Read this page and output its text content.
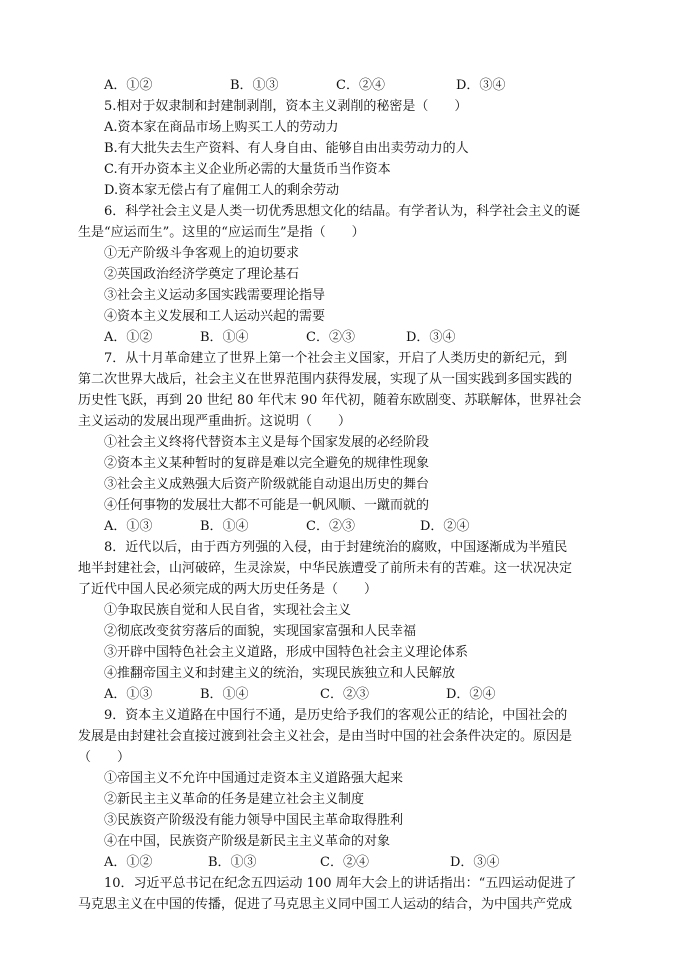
A．①②	B．①③	C．②④	D．③④
5.相对于奴隶制和封建制剥削，资本主义剥削的秘密是（　　）
A.资本家在商品市场上购买工人的劳动力
B.有大批失去生产资料、有人身自由、能够自由出卖劳动力的人
C.有开办资本主义企业所必需的大量货币当作资本
D.资本家无偿占有了雇佣工人的剩余劳动
6．科学社会主义是人类一切优秀思想文化的结晶。有学者认为，科学社会主义的诞
生是“应运而生”。这里的“应运而生”是指（　　）
①无产阶级斗争客观上的迫切要求
②英国政治经济学奠定了理论基石
③社会主义运动多国实践需要理论指导
④资本主义发展和工人运动兴起的需要
A．①②	B．①④	C．②③	D．③④
7．从十月革命建立了世界上第一个社会主义国家，开启了人类历史的新纪元，到
第二次世界大战后，社会主义在世界范围内获得发展，实现了从一国实践到多国实践的
历史性飞跃，再到 20 世纪 80 年代末 90 年代初，随着东欧剧变、苏联解体，世界社会
主义运动的发展出现严重曲折。这说明（　　）
①社会主义终将代替资本主义是每个国家发展的必经阶段
②资本主义某种暂时的复辟是难以完全避免的规律性现象
③社会主义成熟强大后资产阶级就能自动退出历史的舞台
④任何事物的发展壮大都不可能是一帆风顺、一蹴而就的
A．①③	B．①④	C．②③	D．②④
8．近代以后，由于西方列强的入侵，由于封建统治的腐败，中国逐渐成为半殖民
地半封建社会，山河破碎，生灵涂炭，中华民族遭受了前所未有的苦难。这一状况决定
了近代中国人民必须完成的两大历史任务是（　　）
①争取民族自觉和人民自省，实现社会主义
②彻底改变贫穷落后的面貌，实现国家富强和人民幸福
③开辟中国特色社会主义道路，形成中国特色社会主义理论体系
④推翻帝国主义和封建主义的统治，实现民族独立和人民解放
A．①③	B．①④	C．②③	D．②④
9．资本主义道路在中国行不通，是历史给予我们的客观公正的结论，中国社会的
发展是由封建社会直接过渡到社会主义社会，是由当时中国的社会条件决定的。原因是
（　　）
①帝国主义不允许中国通过走资本主义道路强大起来
②新民主主义革命的任务是建立社会主义制度
③民族资产阶级没有能力领导中国民主革命取得胜利
④在中国，民族资产阶级是新民主主义革命的对象
A．①②	B．①③	C．②④	D．③④
10．习近平总书记在纪念五四运动 100 周年大会上的讲话指出：“五四运动促进了
马克思主义在中国的传播，促进了马克思主义同中国工人运动的结合，为中国共产党成
